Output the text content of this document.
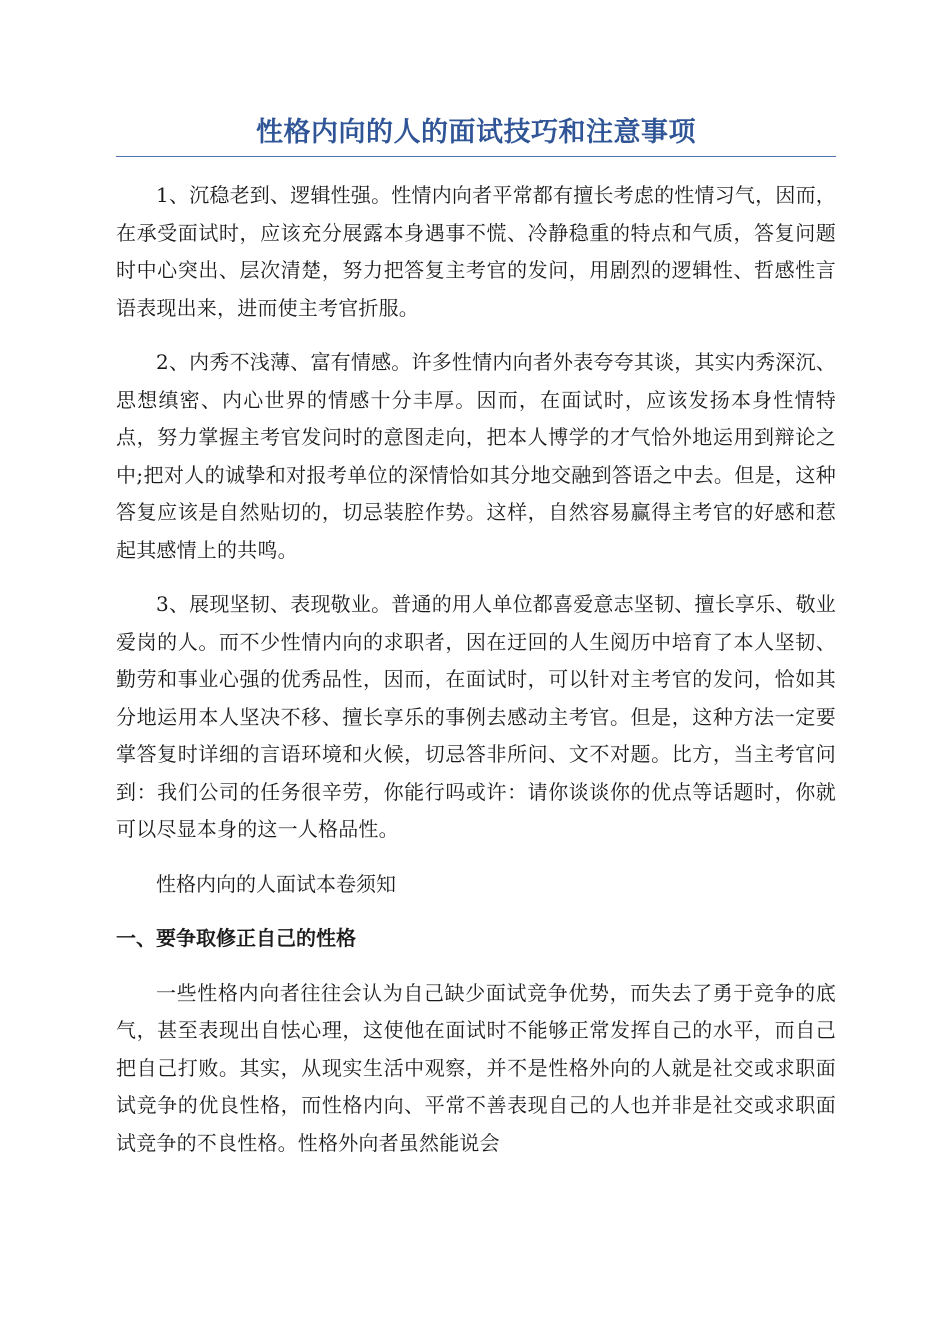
性格内向的人的面试技巧和注意事项

1、沉稳老到、逻辑性强。性情内向者平常都有擅长考虑的性情习气，因而，在承受面试时，应该充分展露本身遇事不慌、冷静稳重的特点和气质，答复问题时中心突出、层次清楚，努力把答复主考官的发问，用剧烈的逻辑性、哲感性言语表现出来，进而使主考官折服。

2、内秀不浅薄、富有情感。许多性情内向者外表夸夸其谈，其实内秀深沉、思想缜密、内心世界的情感十分丰厚。因而，在面试时，应该发扬本身性情特点，努力掌握主考官发问时的意图走向，把本人博学的才气恰外地运用到辩论之中;把对人的诚挚和对报考单位的深情恰如其分地交融到答语之中去。但是，这种答复应该是自然贴切的，切忌装腔作势。这样，自然容易赢得主考官的好感和惹起其感情上的共鸣。

3、展现坚韧、表现敬业。普通的用人单位都喜爱意志坚韧、擅长享乐、敬业爱岗的人。而不少性情内向的求职者，因在迂回的人生阅历中培育了本人坚韧、勤劳和事业心强的优秀品性，因而，在面试时，可以针对主考官的发问，恰如其分地运用本人坚决不移、擅长享乐的事例去感动主考官。但是，这种方法一定要掌答复时详细的言语环境和火候，切忌答非所问、文不对题。比方，当主考官问到：我们公司的任务很辛劳，你能行吗或许：请你谈谈你的优点等话题时，你就可以尽显本身的这一人格品性。

性格内向的人面试本卷须知

一、要争取修正自己的性格

一些性格内向者往往会认为自己缺少面试竞争优势，而失去了勇于竞争的底气，甚至表现出自怯心理，这使他在面试时不能够正常发挥自己的水平，而自己把自己打败。其实，从现实生活中观察，并不是性格外向的人就是社交或求职面试竞争的优良性格，而性格内向、平常不善表现自己的人也并非是社交或求职面试竞争的不良性格。性格外向者虽然能说会
